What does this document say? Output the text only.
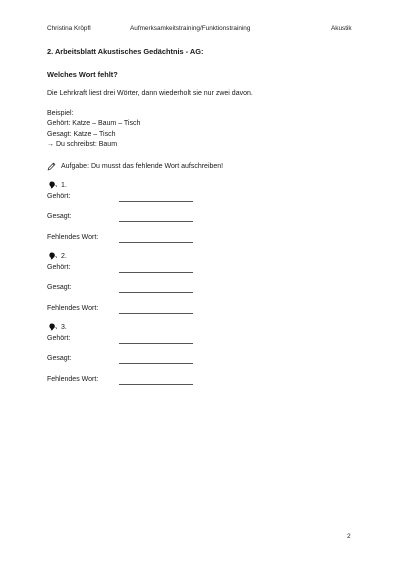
Christina Kröpfl	Aufmerksamkeitstraining/Funktionstraining	Akustik
2. Arbeitsblatt Akustisches Gedächtnis - AG:
Welches Wort fehlt?
Die Lehrkraft liest drei Wörter, dann wiederholt sie nur zwei davon.
Beispiel:
Gehört: Katze – Baum – Tisch
Gesagt: Katze – Tisch
→ Du schreibst: Baum
Aufgabe: Du musst das fehlende Wort aufschreiben!
1.
Gehört:
Gesagt:
Fehlendes Wort:
2.
Gehört:
Gesagt:
Fehlendes Wort:
3.
Gehört:
Gesagt:
Fehlendes Wort:
2
